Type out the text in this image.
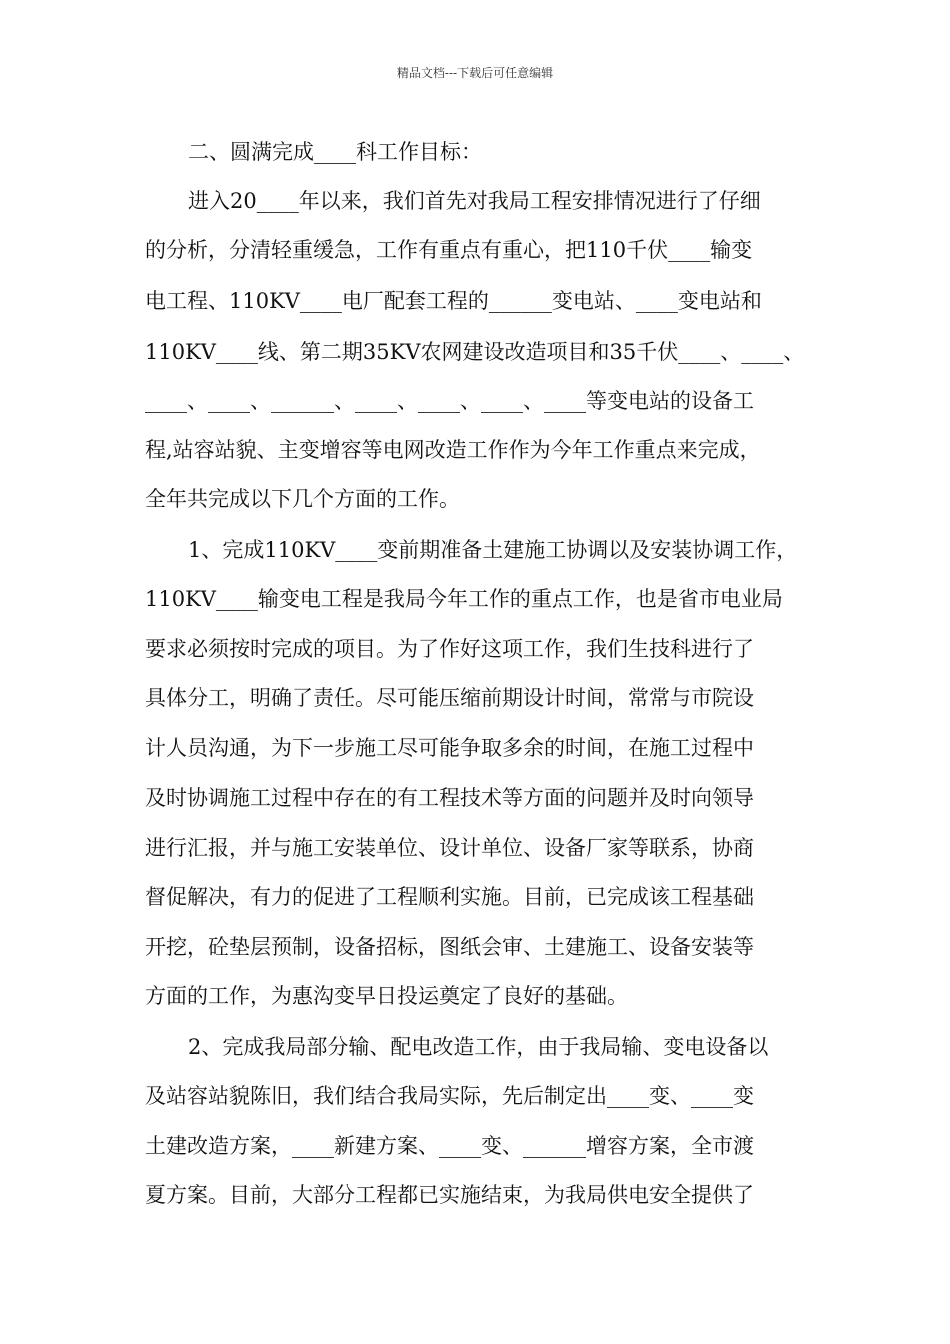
精品文档---下载后可任意编辑
二、圆满完成____科工作目标：
进入20____年以来，我们首先对我局工程安排情况进行了仔细
的分析，分清轻重缓急，工作有重点有重心，把110千伏____输变
电工程、110KV____电厂配套工程的______变电站、____变电站和
110KV____线、第二期35KV农网建设改造项目和35千伏____、____、
____、____、______、____、____、____、____等变电站的设备工
程,站容站貌、主变增容等电网改造工作作为今年工作重点来完成，
全年共完成以下几个方面的工作。
1、完成110KV____变前期准备土建施工协调以及安装协调工作，
110KV____输变电工程是我局今年工作的重点工作，也是省市电业局
要求必须按时完成的项目。为了作好这项工作，我们生技科进行了
具体分工，明确了责任。尽可能压缩前期设计时间，常常与市院设
计人员沟通，为下一步施工尽可能争取多余的时间，在施工过程中
及时协调施工过程中存在的有工程技术等方面的问题并及时向领导
进行汇报，并与施工安装单位、设计单位、设备厂家等联系，协商
督促解决，有力的促进了工程顺利实施。目前，已完成该工程基础
开挖，砼垫层预制，设备招标，图纸会审、土建施工、设备安装等
方面的工作，为惠沟变早日投运奠定了良好的基础。
2、完成我局部分输、配电改造工作，由于我局输、变电设备以
及站容站貌陈旧，我们结合我局实际，先后制定出____变、____变
土建改造方案，____新建方案、____变、______增容方案，全市渡
夏方案。目前，大部分工程都已实施结束，为我局供电安全提供了
